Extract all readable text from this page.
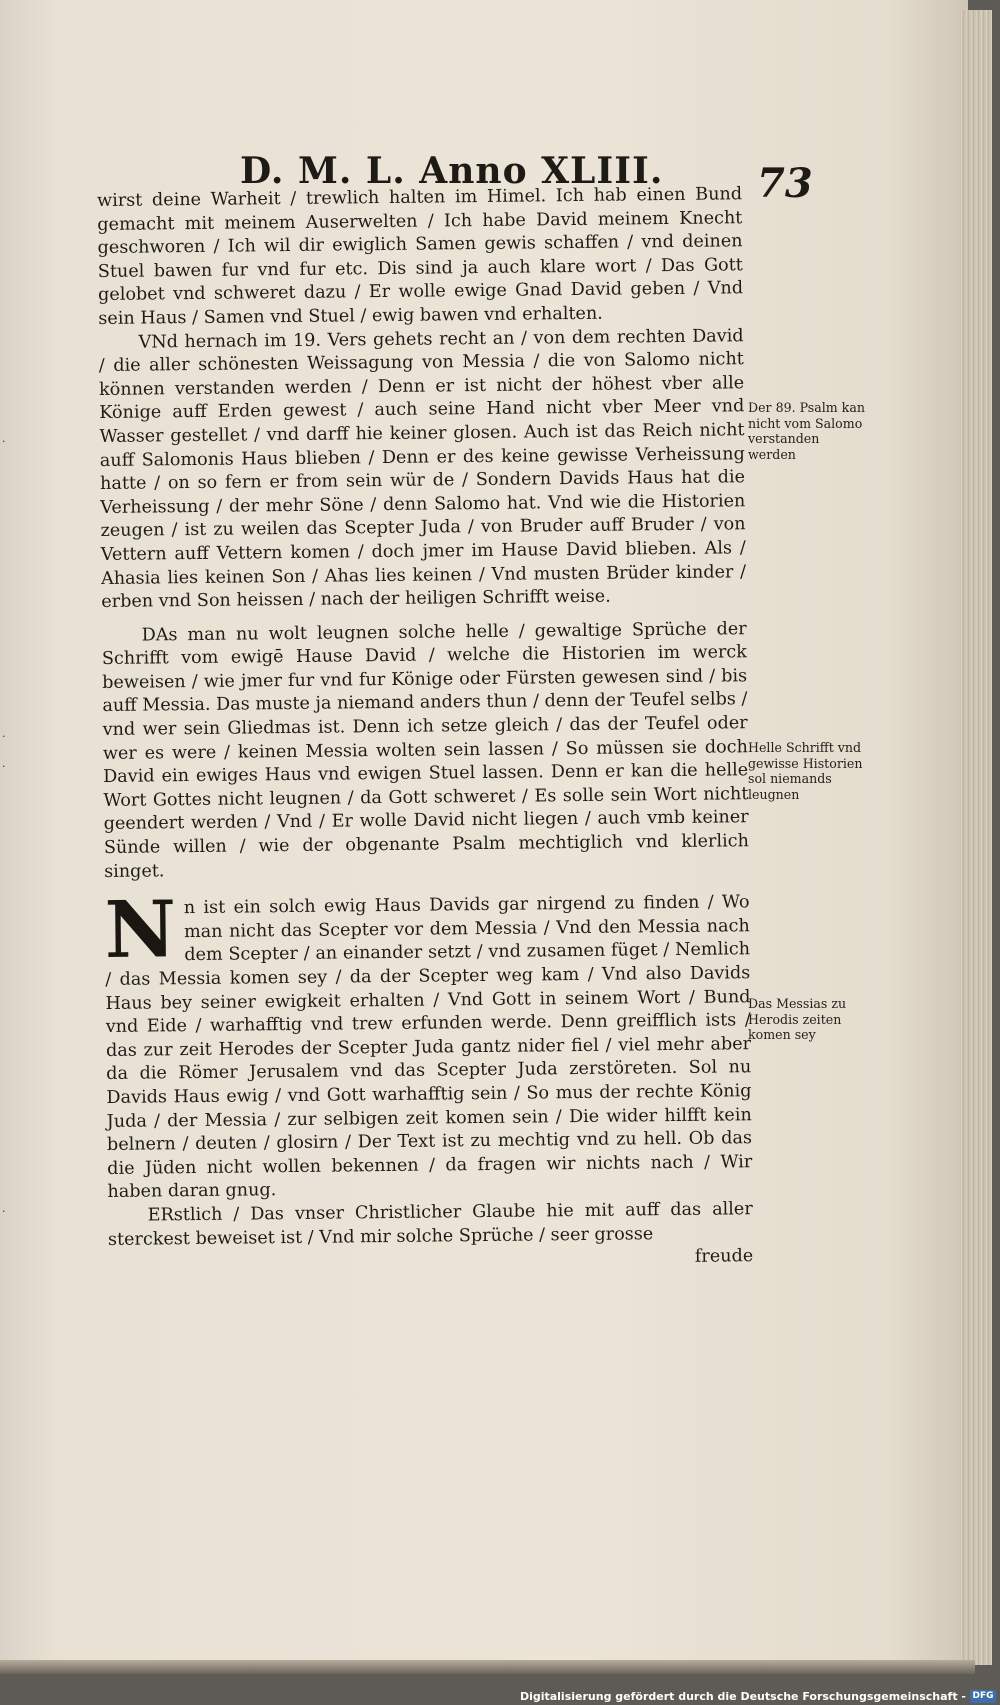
·
·
·
·
D. M. L. Anno XLIII. 73

wirst deine Warheit / trewlich halten im Himel. Ich hab einen Bund gemacht mit meinem Auserwelten / Ich habe David meinem Knecht geschworen / Ich wil dir ewiglich Samen gewis schaffen / vnd deinen Stuel bawen fur vnd fur etc. Dis sind ja auch klare wort / Das Gott gelobet vnd schweret dazu / Er wolle ewige Gnad David geben / Vnd sein Haus / Samen vnd Stuel / ewig bawen vnd erhalten.

VNd hernach im 19. Vers gehets recht an / von dem rechten David / die aller schönesten Weissagung von Messia / die von Salomo nicht können verstanden werden / Denn er ist nicht der höhest vber alle Könige auff Erden gewest / auch seine Hand nicht vber Meer vnd Wasser gestellet / vnd darff hie keiner glosen. Auch ist das Reich nicht auff Salomonis Haus blieben / Denn er des keine gewisse Verheissung hatte / on so fern er from sein wür de / Sondern Davids Haus hat die Verheissung / der mehr Söne / denn Salomo hat. Vnd wie die Historien zeugen / ist zu weilen das Scepter Juda / von Bruder auff Bruder / von Vettern auff Vettern komen / doch jmer im Hause David blieben. Als / Ahasia lies keinen Son / Ahas lies keinen / Vnd musten Brüder kinder / erben vnd Son heissen / nach der heiligen Schrifft weise.

DAs man nu wolt leugnen solche helle / gewaltige Sprüche der Schrifft vom ewigē Hause David / welche die Historien im werck beweisen / wie jmer fur vnd fur Könige oder Fürsten gewesen sind / bis auff Messia. Das muste ja niemand anders thun / denn der Teufel selbs / vnd wer sein Gliedmas ist. Denn ich setze gleich / das der Teufel oder wer es were / keinen Messia wolten sein lassen / So müssen sie doch David ein ewiges Haus vnd ewigen Stuel lassen. Denn er kan die helle Wort Gottes nicht leugnen / da Gott schweret / Es solle sein Wort nicht geendert werden / Vnd / Er wolle David nicht liegen / auch vmb keiner Sünde willen / wie der obgenante Psalm mechtiglich vnd klerlich singet.

N n ist ein solch ewig Haus Davids gar nirgend zu finden / Wo man nicht das Scepter vor dem Messia / Vnd den Messia nach dem Scepter / an einander setzt / vnd zusamen füget / Nemlich / das Messia komen sey / da der Scepter weg kam / Vnd also Davids Haus bey seiner ewigkeit erhalten / Vnd Gott in seinem Wort / Bund vnd Eide / warhafftig vnd trew erfunden werde. Denn greifflich ists / das zur zeit Herodes der Scepter Juda gantz nider fiel / viel mehr aber da die Römer Jerusalem vnd das Scepter Juda zerstöreten. Sol nu Davids Haus ewig / vnd Gott warhafftig sein / So mus der rechte König Juda / der Messia / zur selbigen zeit komen sein / Die wider hilfft kein belnern / deuten / glosirn / Der Text ist zu mechtig vnd zu hell. Ob das die Jüden nicht wollen bekennen / da fragen wir nichts nach / Wir haben daran gnug.

ERstlich / Das vnser Christlicher Glaube hie mit auff das aller sterckest beweiset ist / Vnd mir solche Sprüche / seer grosse

freude

Der 89. Psalm kan nicht vom Salomo verstanden werden
Helle Schrifft vnd gewisse Historien sol niemands leugnen
Das Messias zu Herodis zeiten komen sey
Digitalisierung gefördert durch die Deutsche Forschungsgemeinschaft - DFG
